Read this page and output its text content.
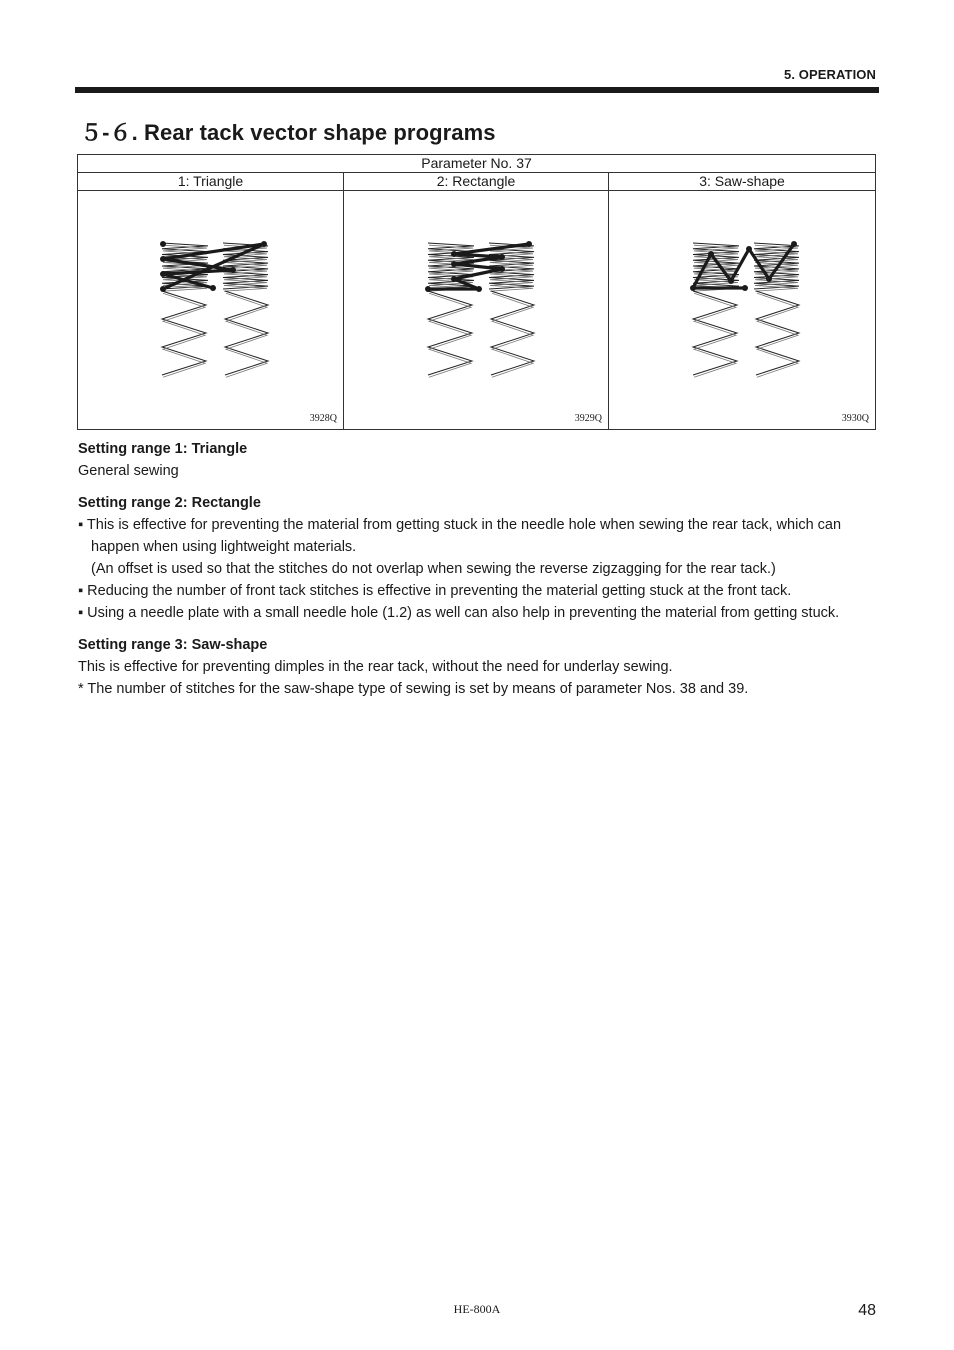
5. OPERATION
５-６. Rear tack vector shape programs
Parameter No. 37		
1: Triangle	2: Rectangle	3: Saw-shape

3928Q	3929Q	3930Q
Setting range 1: Triangle

General sewing

Setting range 2: Rectangle

▪ This is effective for preventing the material from getting stuck in the needle hole when sewing the rear tack, which can

happen when using lightweight materials.

(An offset is used so that the stitches do not overlap when sewing the reverse zigzagging for the rear tack.)

▪ Reducing the number of front tack stitches is effective in preventing the material getting stuck at the front tack.

▪ Using a needle plate with a small needle hole (1.2) as well can also help in preventing the material from getting stuck.

Setting range 3: Saw-shape

This is effective for preventing dimples in the rear tack, without the need for underlay sewing.

* The number of stitches for the saw-shape type of sewing is set by means of parameter Nos. 38 and 39.

HE-800A	48
